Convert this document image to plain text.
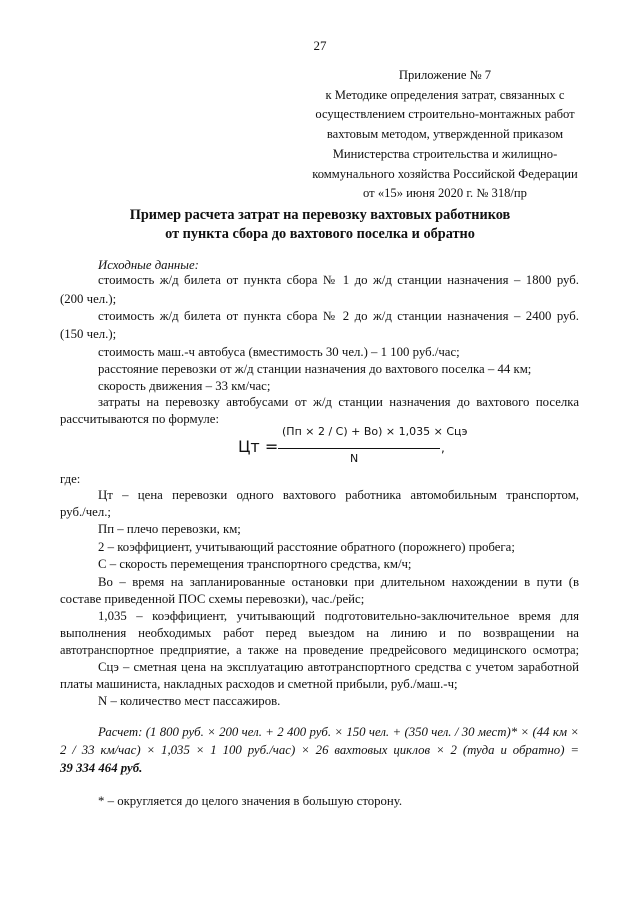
27
Приложение № 7
к Методике определения затрат, связанных с
осуществлением строительно-монтажных работ
вахтовым методом, утвержденной приказом
Министерства строительства и жилищно-
коммунального хозяйства Российской Федерации
от «15» июня 2020 г. № 318/пр
Пример расчета затрат на перевозку вахтовых работников
от пункта сбора до вахтового поселка и обратно
Исходные данные:
стоимость ж/д билета от пункта сбора № 1 до ж/д станции назначения – 1800 руб.
(200 чел.);
стоимость ж/д билета от пункта сбора № 2 до ж/д станции назначения – 2400 руб.
(150 чел.);
стоимость маш.-ч автобуса (вместимость 30 чел.) – 1 100 руб./час;
расстояние перевозки от ж/д станции назначения до вахтового поселка – 44 км;
скорость движения – 33 км/час;
затраты на перевозку автобусами от ж/д станции назначения до вахтового поселка
рассчитываются по формуле:
где:
Цт – цена перевозки одного вахтового работника автомобильным транспортом,
руб./чел.;
Пп – плечо перевозки, км;
2 – коэффициент, учитывающий расстояние обратного (порожнего) пробега;
С – скорость перемещения транспортного средства, км/ч;
Во – время на запланированные остановки при длительном нахождении в пути (в
составе приведенной ПОС схемы перевозки), час./рейс;
1,035 – коэффициент, учитывающий подготовительно-заключительное время для
выполнения необходимых работ перед выездом на линию и по возвращении на
автотранспортное предприятие, а также на проведение предрейсового медицинского осмотра;
Сцэ – сметная цена на эксплуатацию автотранспортного средства с учетом заработной
платы машиниста, накладных расходов и сметной прибыли, руб./маш.-ч;
N – количество мест пассажиров.
Расчет: (1 800 руб. × 200 чел. + 2 400 руб. × 150 чел. + (350 чел. / 30 мест)* × (44 км ×
2 / 33 км/час) × 1,035 × 1 100 руб./час) × 26 вахтовых циклов × 2 (туда и обратно) =
39 334 464 руб.
Цᴛ =
(Пп × 2 / С) + Во) × 1,035 × Сцэ
N
,
* – округляется до целого значения в большую сторону.
